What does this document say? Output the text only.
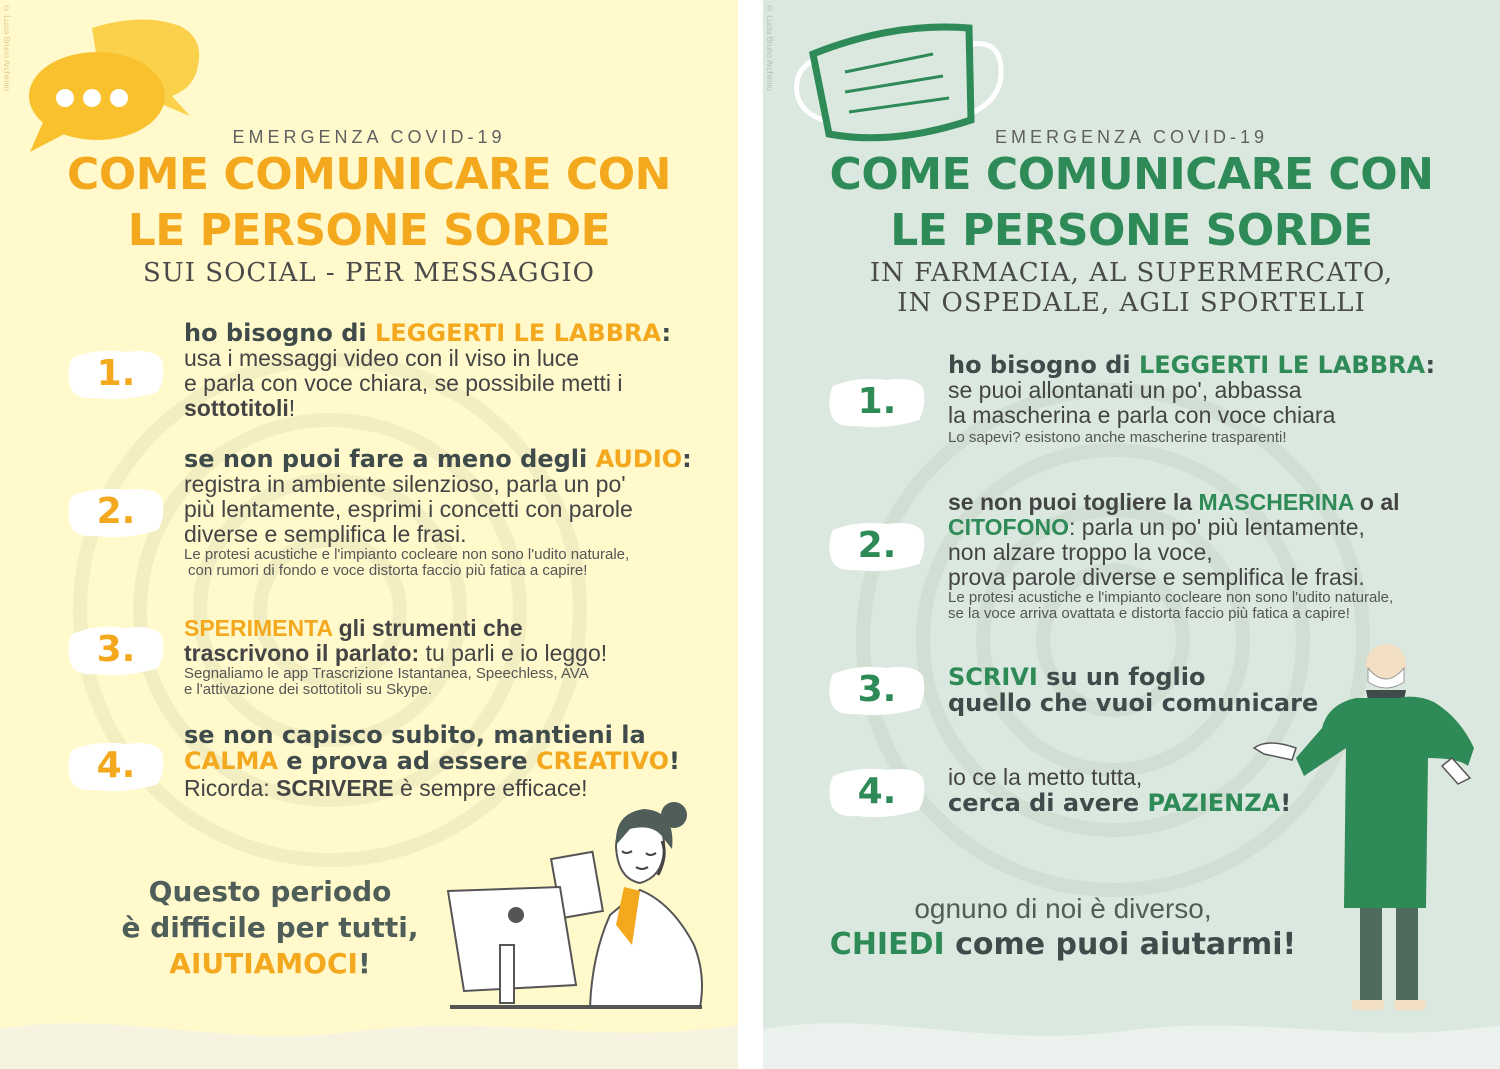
© Lucia Bruno Archimio
EMERGENZA COVID-19
COME COMUNICARE CON
LE PERSONE SORDE
SUI SOCIAL - PER MESSAGGIO
1.
ho bisogno di LEGGERTI LE LABBRA:
usa i messaggi video con il viso in luce
e parla con voce chiara, se possibile metti i
sottotitoli!
2.
se non puoi fare a meno degli AUDIO:
registra in ambiente silenzioso, parla un po'
più lentamente, esprimi i concetti con parole
diverse e semplifica le frasi.
Le protesi acustiche e l'impianto cocleare non sono l'udito naturale,
con rumori di fondo e voce distorta faccio più fatica a capire!
3.
SPERIMENTA gli strumenti che
trascrivono il parlato: tu parli e io leggo!
Segnaliamo le app Trascrizione Istantanea, Speechless, AVA
e l'attivazione dei sottotitoli su Skype.
4.
se non capisco subito, mantieni la
CALMA e prova ad essere CREATIVO!
Ricorda: SCRIVERE è sempre efficace!
Questo periodo
è difficile per tutti,
AIUTIAMOCI!
© Lucia Bruno Archimio
EMERGENZA COVID-19
COME COMUNICARE CON
LE PERSONE SORDE
IN FARMACIA, AL SUPERMERCATO,
IN OSPEDALE, AGLI SPORTELLI
1.
ho bisogno di LEGGERTI LE LABBRA:
se puoi allontanati un po', abbassa
la mascherina e parla con voce chiara
Lo sapevi? esistono anche mascherine trasparenti!
2.
se non puoi togliere la MASCHERINA o al
CITOFONO: parla un po' più lentamente,
non alzare troppo la voce,
prova parole diverse e semplifica le frasi.
Le protesi acustiche e l'impianto cocleare non sono l'udito naturale,
se la voce arriva ovattata e distorta faccio più fatica a capire!
3.	SCRIVI su un foglio
quello che vuoi comunicare
4.	io ce la metto tutta,
cerca di avere PAZIENZA!
ognuno di noi è diverso,
CHIEDI come puoi aiutarmi!
